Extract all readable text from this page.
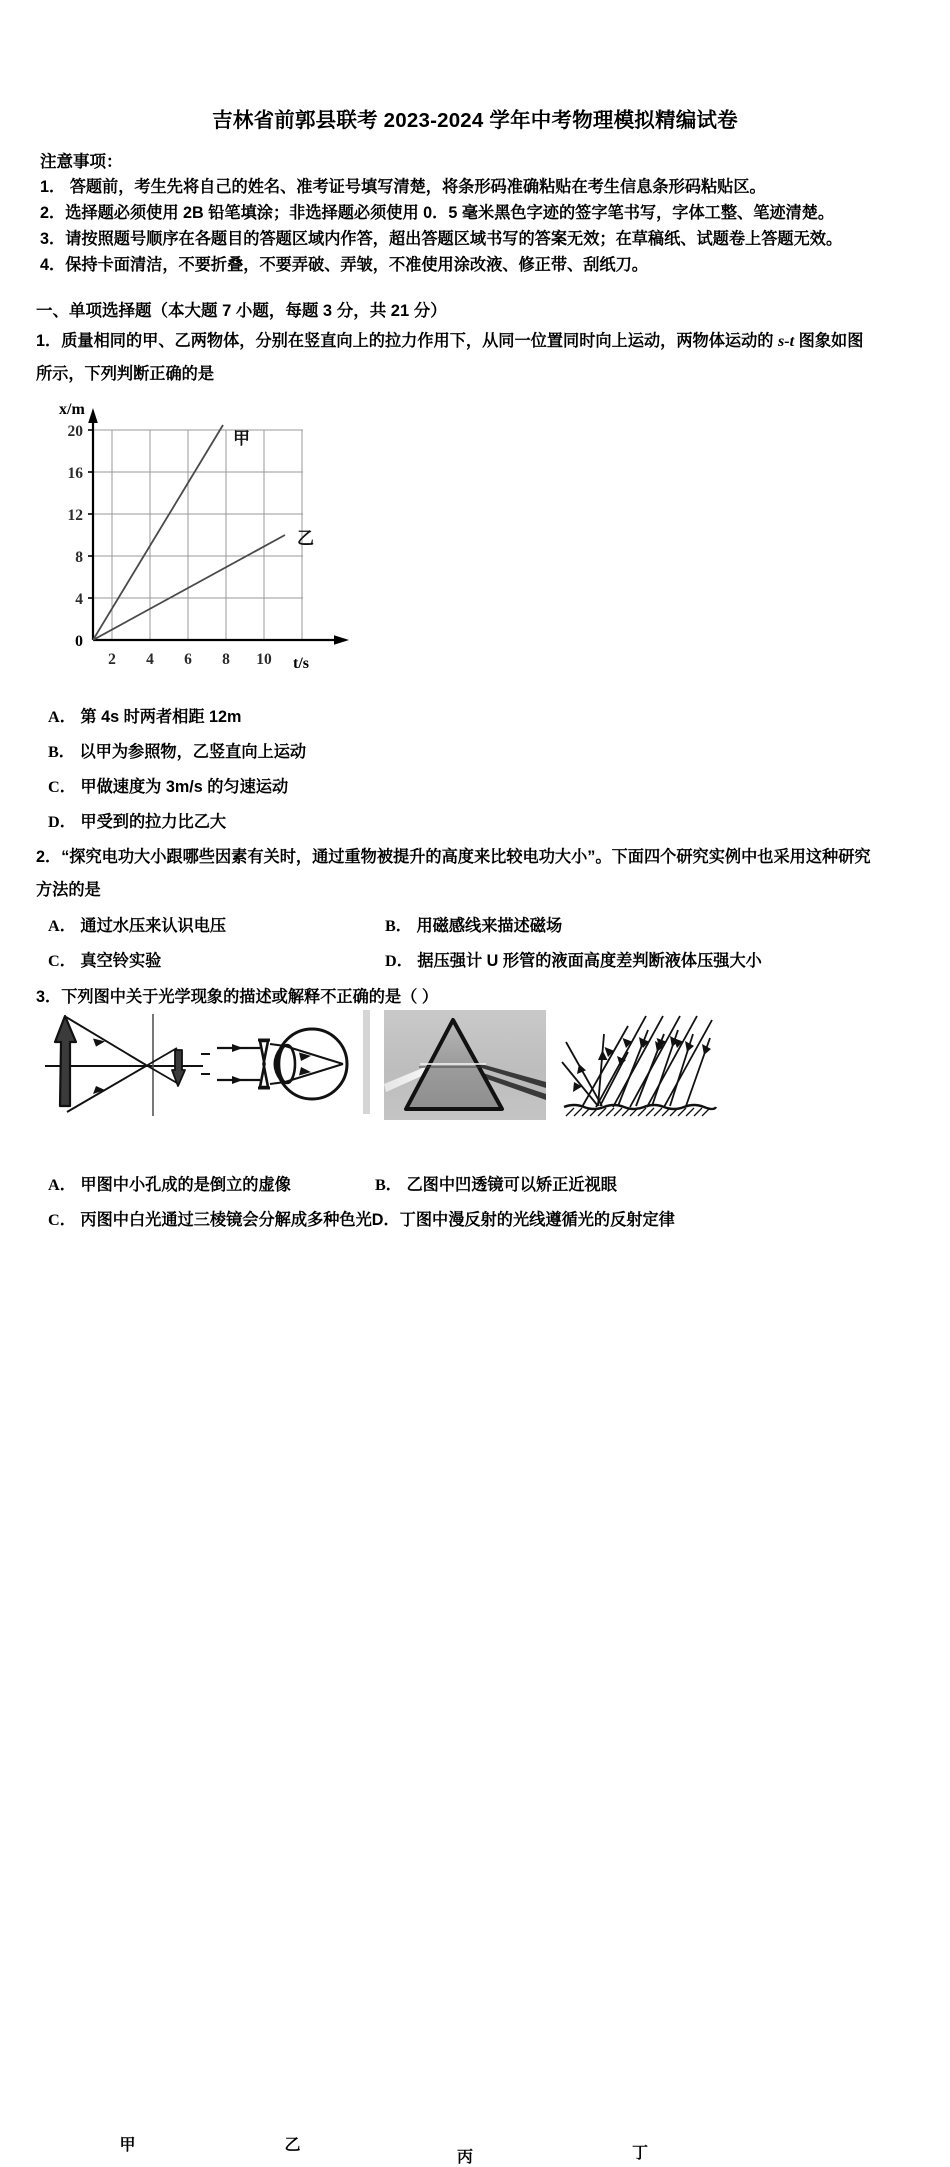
吉林省前郭县联考 2023-2024 学年中考物理模拟精编试卷
注意事项：
1． 答题前，考生先将自己的姓名、准考证号填写清楚，将条形码准确粘贴在考生信息条形码粘贴区。
2．选择题必须使用 2B 铅笔填涂；非选择题必须使用 0．5 毫米黑色字迹的签字笔书写，字体工整、笔迹清楚。
3．请按照题号顺序在各题目的答题区域内作答，超出答题区域书写的答案无效；在草稿纸、试题卷上答题无效。
4．保持卡面清洁，不要折叠，不要弄破、弄皱，不准使用涂改液、修正带、刮纸刀。
一、单项选择题（本大题 7 小题，每题 3 分，共 21 分）
1．质量相同的甲、乙两物体，分别在竖直向上的拉力作用下，从同一位置同时向上运动，两物体运动的 s-t 图象如图
所示，下列判断正确的是
20
16
12
8
4
0
2 4 6 8 10
x/m
t/s
甲
乙
A． 第 4s 时两者相距 12m
B． 以甲为参照物，乙竖直向上运动
C． 甲做速度为 3m/s 的匀速运动
D． 甲受到的拉力比乙大
2．“探究电功大小跟哪些因素有关时，通过重物被提升的高度来比较电功大小”。下面四个研究实例中也采用这种研究
方法的是
A． 通过水压来认识电压	B． 用磁感线来描述磁场
C． 真空铃实验	D． 据压强计 U 形管的液面高度差判断液体压强大小
3．下列图中关于光学现象的描述或解释不正确的是（ ）
甲	乙
丙	丁
A． 甲图中小孔成的是倒立的虚像	B． 乙图中凹透镜可以矫正近视眼
C． 丙图中白光通过三棱镜会分解成多种色光D．丁图中漫反射的光线遵循光的反射定律
